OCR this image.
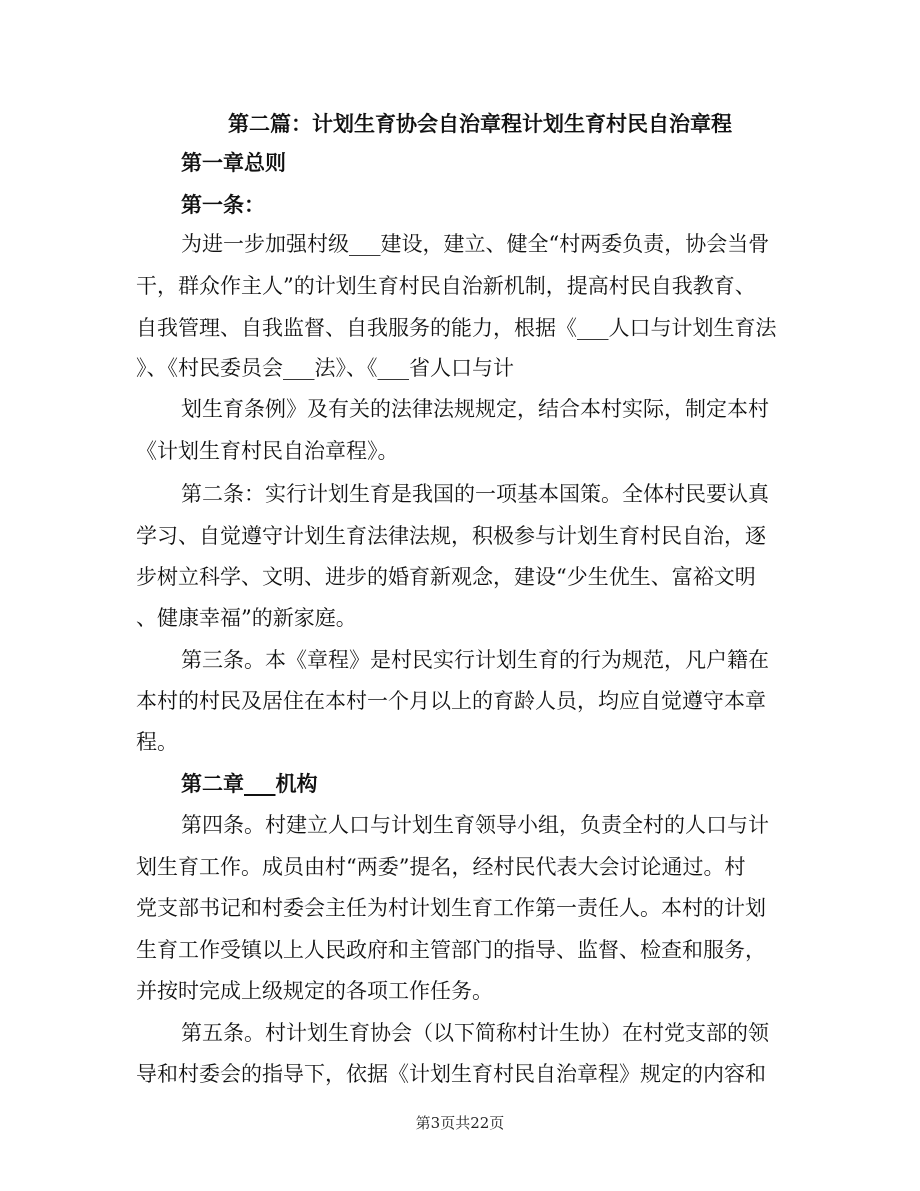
第二篇：计划生育协会自治章程计划生育村民自治章程
第一章总则
第一条：
为进一步加强村级___建设，建立、健全“村两委负责，协会当骨
干，群众作主人”的计划生育村民自治新机制，提高村民自我教育、
自我管理、自我监督、自我服务的能力，根据《___人口与计划生育法
》、《村民委员会___法》、《___省人口与计
划生育条例》及有关的法律法规规定，结合本村实际，制定本村
《计划生育村民自治章程》。
第二条：实行计划生育是我国的一项基本国策。全体村民要认真
学习、自觉遵守计划生育法律法规，积极参与计划生育村民自治，逐
步树立科学、文明、进步的婚育新观念，建设“少生优生、富裕文明
、健康幸福”的新家庭。
第三条。本《章程》是村民实行计划生育的行为规范，凡户籍在
本村的村民及居住在本村一个月以上的育龄人员，均应自觉遵守本章
程。
第二章___机构
第四条。村建立人口与计划生育领导小组，负责全村的人口与计
划生育工作。成员由村“两委”提名，经村民代表大会讨论通过。村
党支部书记和村委会主任为村计划生育工作第一责任人。本村的计划
生育工作受镇以上人民政府和主管部门的指导、监督、检查和服务，
并按时完成上级规定的各项工作任务。
第五条。村计划生育协会（以下简称村计生协）在村党支部的领
导和村委会的指导下，依据《计划生育村民自治章程》规定的内容和
第3页共22页
